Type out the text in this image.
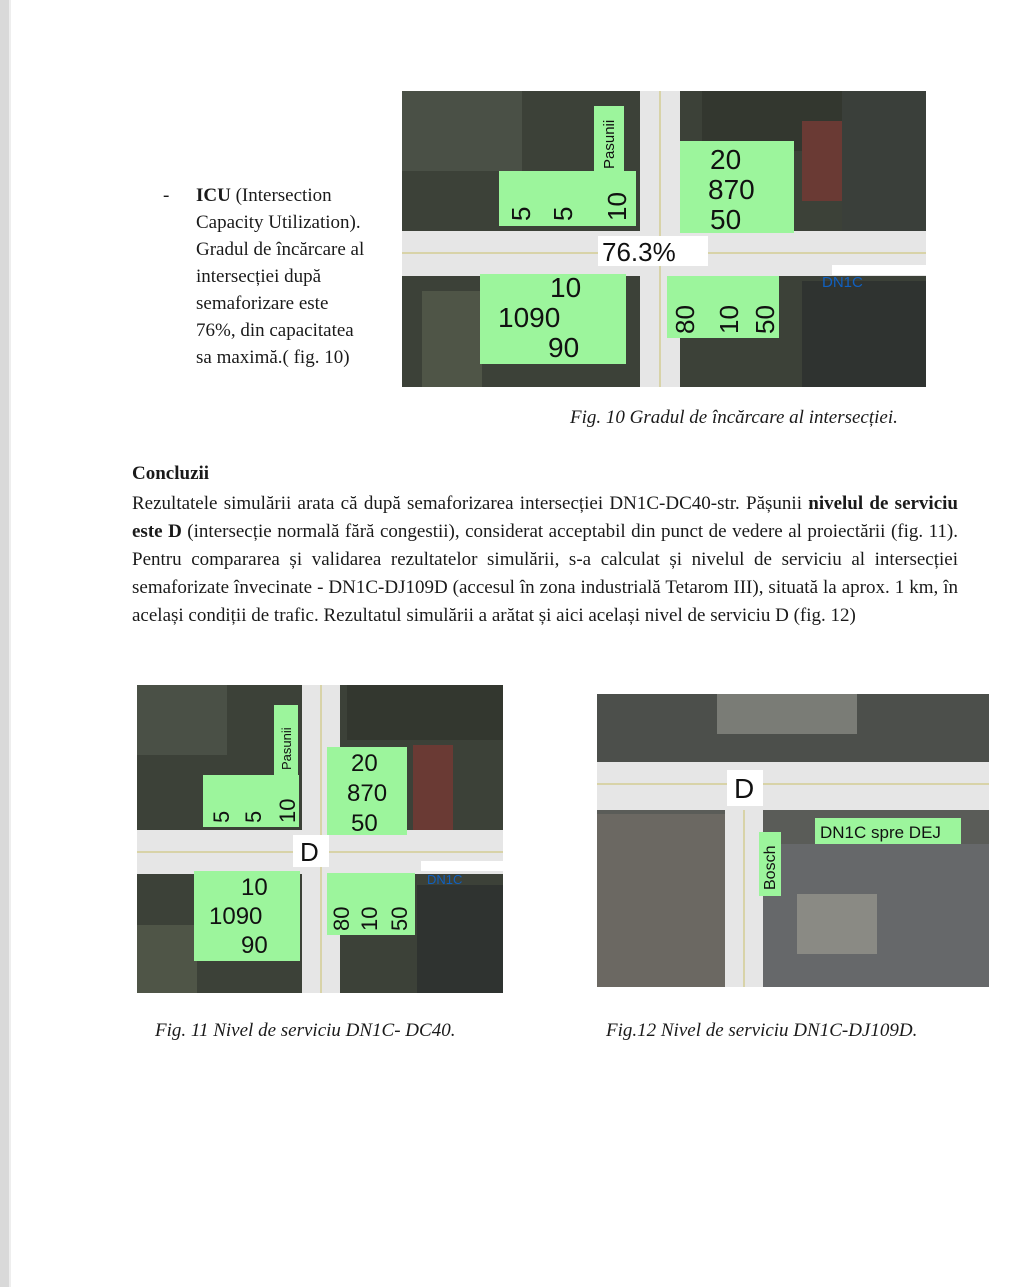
- ICU (Intersection
Capacity Utilization).
Gradul de încărcare al
intersecției după
semaforizare este
76%, din capacitatea
sa maximă.( fig. 10)
Pasunii
5 5 10
20
870
50
76.3%
DN1C
10
1090
90
80 10 50
Fig. 10 Gradul de încărcare al intersecției.
Concluzii
Rezultatele simulării arata că după semaforizarea intersecției DN1C-DC40-str. Pășunii nivelul de serviciu este D (intersecție normală fără congestii), considerat acceptabil din punct de vedere al proiectării (fig. 11). Pentru compararea și validarea rezultatelor simulării, s-a calculat și nivelul de serviciu al intersecției semaforizate învecinate - DN1C-DJ109D (accesul în zona industrială Tetarom III), situată la aprox. 1 km, în același condiții de trafic. Rezultatul simulării a arătat și aici același nivel de serviciu D (fig. 12)
Pasunii
5 5 10
20
870
50
D
DN1C
10
1090
90
80 10 50
Fig. 11 Nivel de serviciu DN1C- DC40.
D
DN1C spre DEJ
Bosch
Fig.12 Nivel de serviciu DN1C-DJ109D.
